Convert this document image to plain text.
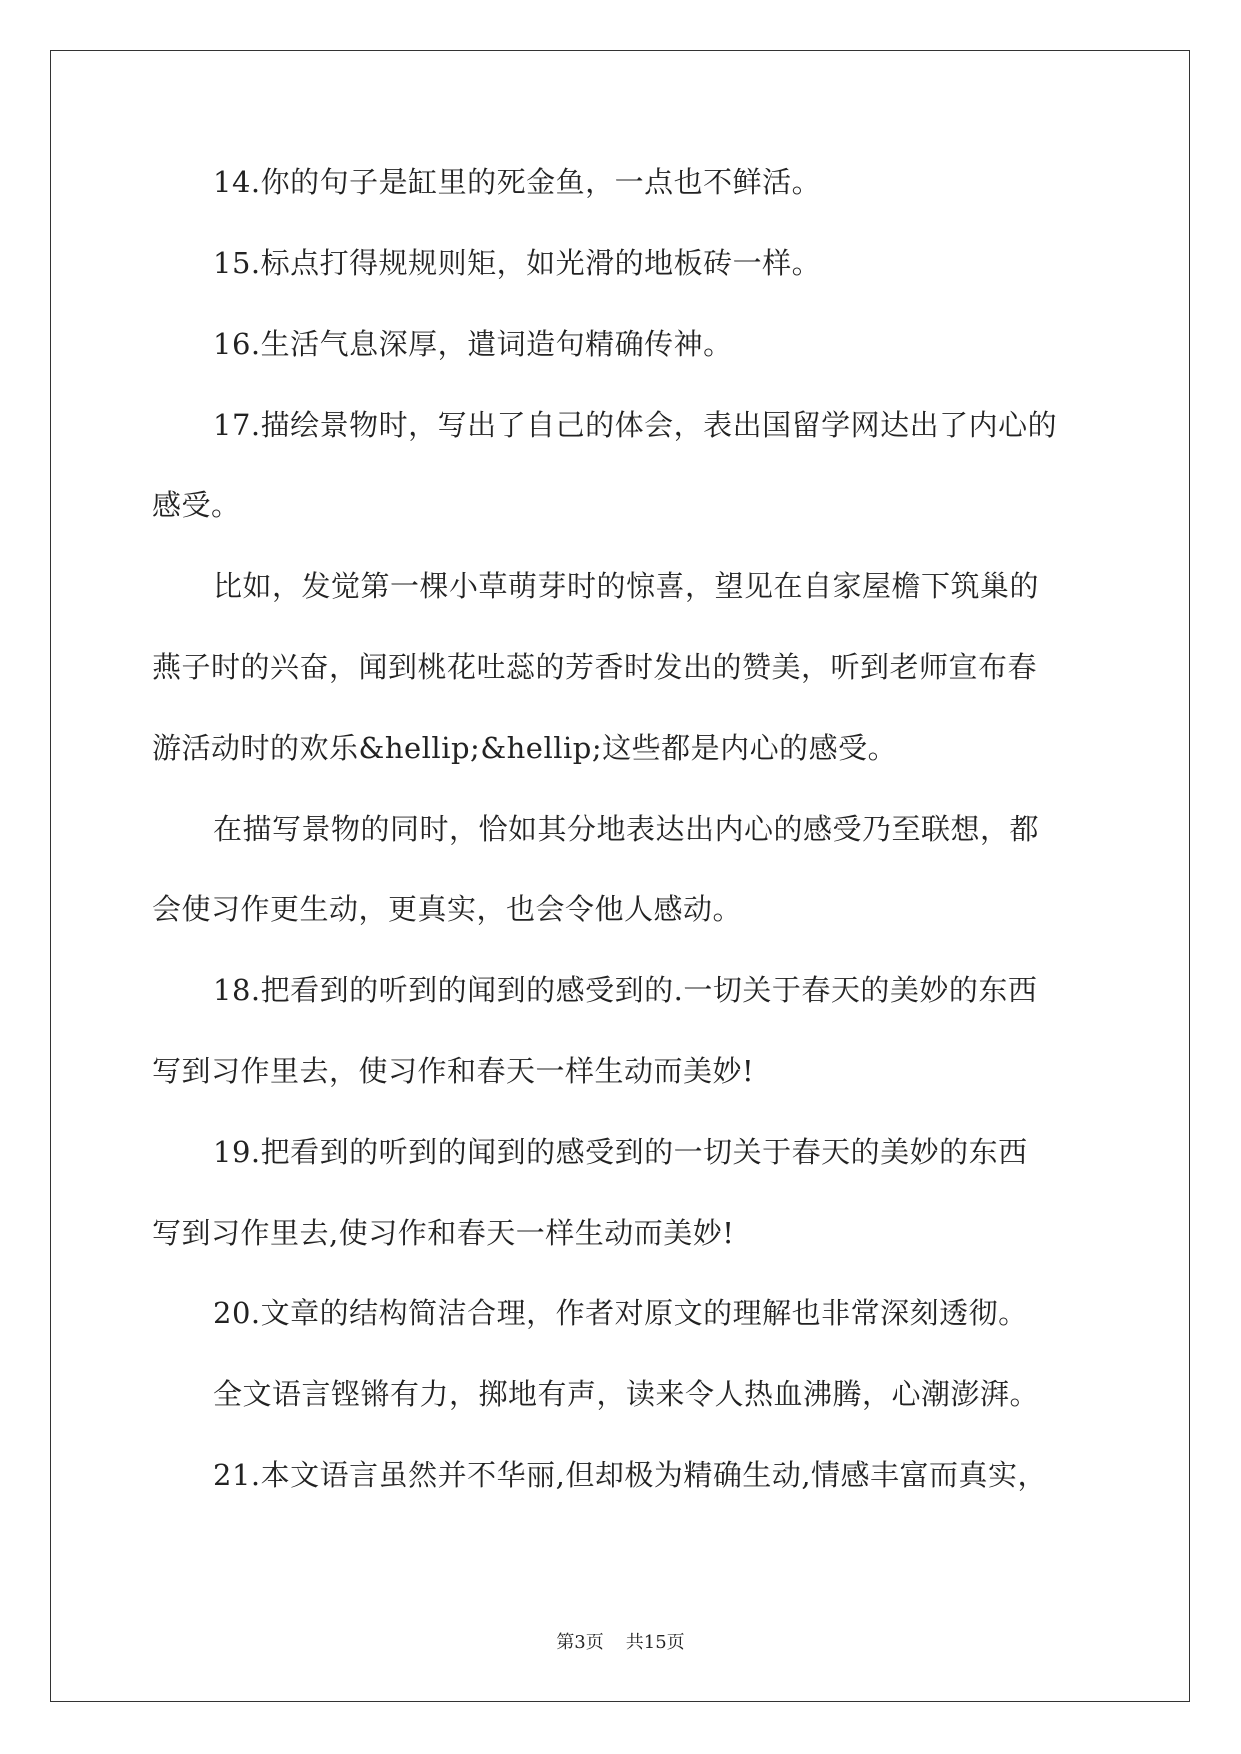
14.你的句子是缸里的死金鱼，一点也不鲜活。
15.标点打得规规则矩，如光滑的地板砖一样。
16.生活气息深厚，遣词造句精确传神。
17.描绘景物时，写出了自己的体会，表出国留学网达出了内心的
感受。
比如，发觉第一棵小草萌芽时的惊喜，望见在自家屋檐下筑巢的
燕子时的兴奋，闻到桃花吐蕊的芳香时发出的赞美，听到老师宣布春
游活动时的欢乐&hellip;&hellip;这些都是内心的感受。
在描写景物的同时，恰如其分地表达出内心的感受乃至联想，都
会使习作更生动，更真实，也会令他人感动。
18.把看到的听到的闻到的感受到的.一切关于春天的美妙的东西
写到习作里去，使习作和春天一样生动而美妙!
19.把看到的听到的闻到的感受到的一切关于春天的美妙的东西
写到习作里去,使习作和春天一样生动而美妙!
20.文章的结构简洁合理，作者对原文的理解也非常深刻透彻。
全文语言铿锵有力，掷地有声，读来令人热血沸腾，心潮澎湃。
21.本文语言虽然并不华丽,但却极为精确生动,情感丰富而真实，
第3页 共15页
